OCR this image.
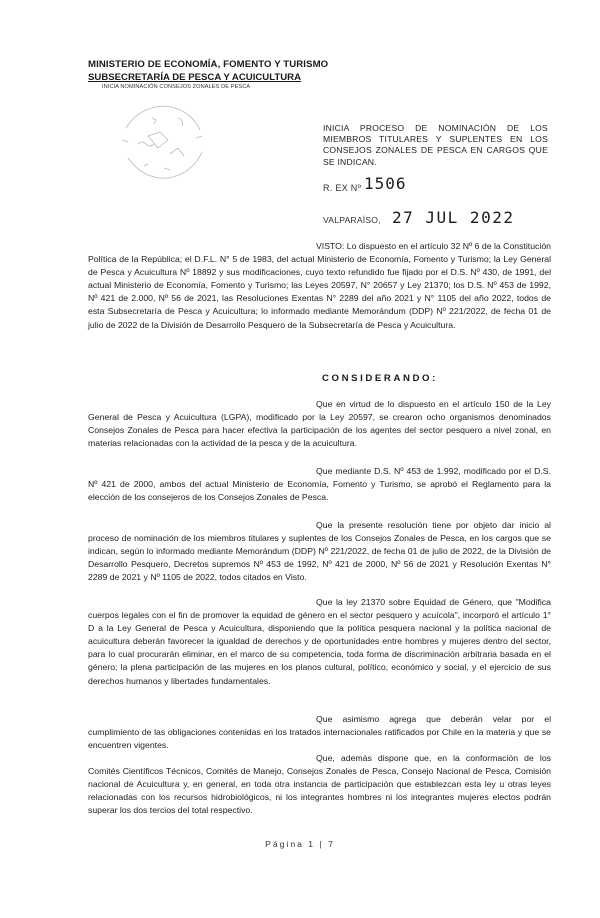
MINISTERIO DE ECONOMÍA, FOMENTO Y TURISMO
SUBSECRETARÍA DE PESCA Y ACUICULTURA
INICIA NOMINACIÓN CONSEJOS ZONALES DE PESCA
INICIA PROCESO DE NOMINACIÓN DE LOS MIEMBROS TITULARES Y SUPLENTES EN LOS CONSEJOS ZONALES DE PESCA EN CARGOS QUE SE INDICAN.
R. EX Nº 1506
VALPARAÍSO, 27 JUL 2022
VISTO: Lo dispuesto en el artículo 32 Nº 6 de la Constitución Política de la República; el D.F.L. N° 5 de 1983, del actual Ministerio de Economía, Fomento y Turismo; la Ley General de Pesca y Acuicultura Nº 18892 y sus modificaciones, cuyo texto refundido fue fijado por el D.S. Nº 430, de 1991, del actual Ministerio de Economía, Fomento y Turismo; las Leyes 20597, N° 20657 y Ley 21370; los D.S. Nº 453 de 1992, Nº 421 de 2.000, Nº 56 de 2021, las Resoluciones Exentas N° 2289 del año 2021 y N° 1105 del año 2022, todos de esta Subsecretaría de Pesca y Acuicultura; lo informado mediante Memorándum (DDP) Nº 221/2022, de fecha 01 de julio de 2022 de la División de Desarrollo Pesquero de la Subsecretaría de Pesca y Acuicultura.
CONSIDERANDO:
Que en virtud de lo dispuesto en el artículo 150 de la Ley General de Pesca y Acuicultura (LGPA), modificado por la Ley 20597, se crearon ocho organismos denominados Consejos Zonales de Pesca para hacer efectiva la participación de los agentes del sector pesquero a nivel zonal, en materias relacionadas con la actividad de la pesca y de la acuicultura.
Que mediante D.S. Nº 453 de 1.992, modificado por el D.S. Nº 421 de 2000, ambos del actual Ministerio de Economía, Fomento y Turismo, se aprobó el Reglamento para la elección de los consejeros de los Consejos Zonales de Pesca.
Que la presente resolución tiene por objeto dar inicio al proceso de nominación de los miembros titulares y suplentes de los Consejos Zonales de Pesca, en los cargos que se indican, según lo informado mediante Memorándum (DDP) Nº 221/2022, de fecha 01 de julio de 2022, de la División de Desarrollo Pesquero, Decretos supremos Nº 453 de 1992, Nº 421 de 2000, Nº 56 de 2021 y Resolución Exentas N° 2289 de 2021 y Nº 1105 de 2022, todos citados en Visto.
Que la ley 21370 sobre Equidad de Género, que "Modifica cuerpos legales con el fin de promover la equidad de género en el sector pesquero y acuícola", incorporó el artículo 1° D a la Ley General de Pesca y Acuicultura, disponiendo que la política pesquera nacional y la política nacional de acuicultura deberán favorecer la igualdad de derechos y de oportunidades entre hombres y mujeres dentro del sector, para lo cual procurarán eliminar, en el marco de su competencia, toda forma de discriminación arbitraria basada en el género; la plena participación de las mujeres en los planos cultural, político, económico y social, y el ejercicio de sus derechos humanos y libertades fundamentales.
Que asimismo agrega que deberán velar por el cumplimiento de las obligaciones contenidas en los tratados internacionales ratificados por Chile en la materia y que se encuentren vigentes.
Que, además dispone que, en la conformación de los Comités Científicos Técnicos, Comités de Manejo, Consejos Zonales de Pesca, Consejo Nacional de Pesca, Comisión nacional de Acuicultura y, en general, en toda otra instancia de participación que establezcan esta ley u otras leyes relacionadas con los recursos hidrobiológicos, ni los integrantes hombres ni los integrantes mujeres electos podrán superar los dos tercios del total respectivo.
Página 1 | 7
